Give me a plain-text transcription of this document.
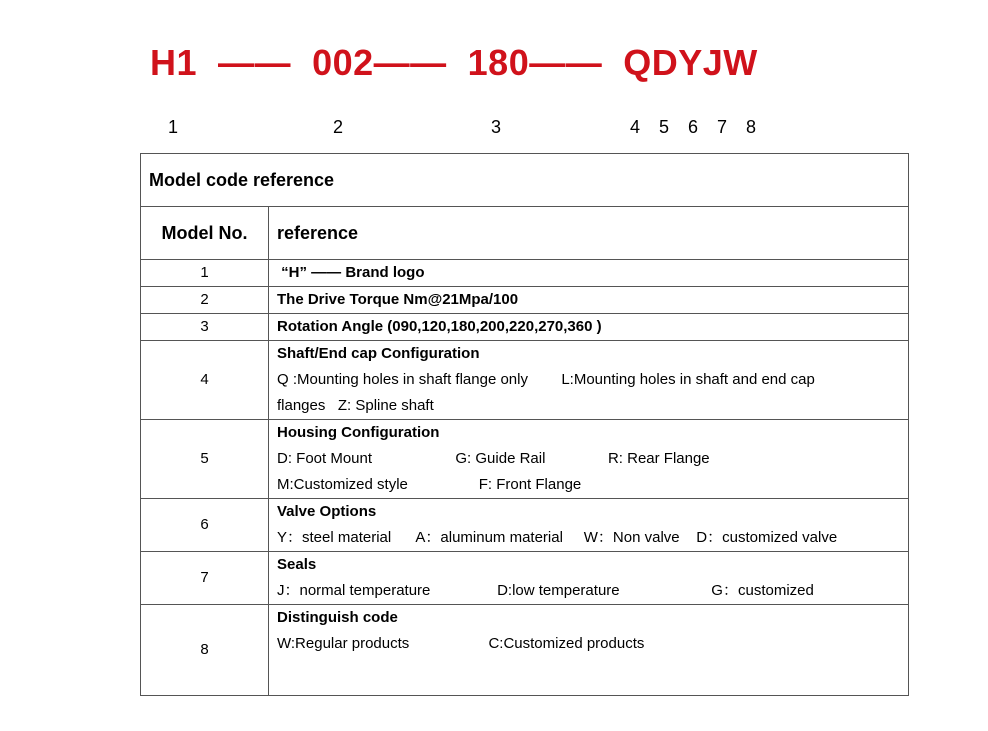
H1 —— 002—— 180—— QDYJW
1	2	3	4 5 6 7 8
Model code reference	
Model No.	reference
1	“H” —— Brand logo
2	The Drive Torque Nm@21Mpa/100
3	Rotation Angle (090,120,180,200,220,270,360 )
4	Shaft/End cap Configuration
Q :Mounting holes in shaft flange only        L:Mounting holes in shaft and end cap
flanges   Z: Spline shaft

5	Housing Configuration
D: Foot Mount                    G: Guide Rail               R: Rear Flange
M:Customized style                 F: Front Flange

6	Valve Options
Y：steel material      A：aluminum material     W：Non valve    D：customized valve

7	Seals
J：normal temperature                D:low temperature                      G：customized

8	Distinguish code
W:Regular products                   C:Customized products
